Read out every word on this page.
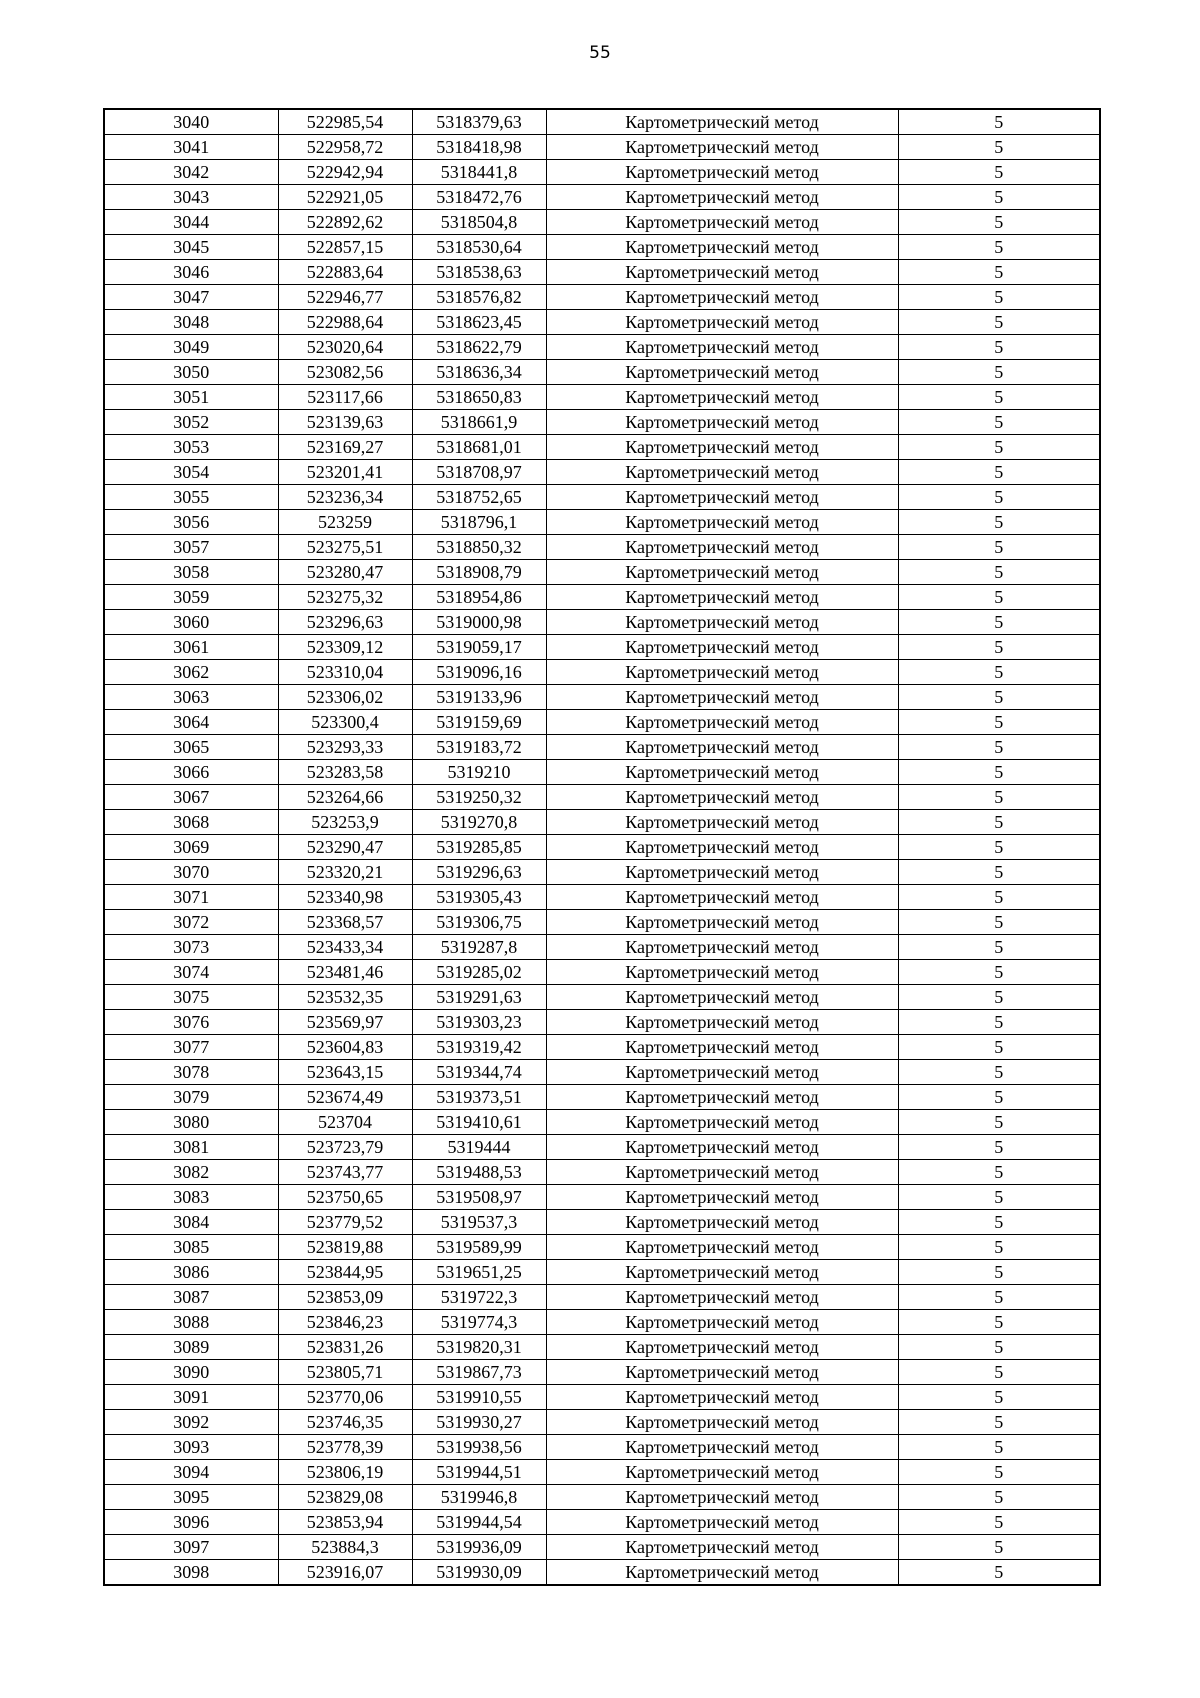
55
3040	522985,54	5318379,63	Картометрический метод	5
3041	522958,72	5318418,98	Картометрический метод	5
3042	522942,94	5318441,8	Картометрический метод	5
3043	522921,05	5318472,76	Картометрический метод	5
3044	522892,62	5318504,8	Картометрический метод	5
3045	522857,15	5318530,64	Картометрический метод	5
3046	522883,64	5318538,63	Картометрический метод	5
3047	522946,77	5318576,82	Картометрический метод	5
3048	522988,64	5318623,45	Картометрический метод	5
3049	523020,64	5318622,79	Картометрический метод	5
3050	523082,56	5318636,34	Картометрический метод	5
3051	523117,66	5318650,83	Картометрический метод	5
3052	523139,63	5318661,9	Картометрический метод	5
3053	523169,27	5318681,01	Картометрический метод	5
3054	523201,41	5318708,97	Картометрический метод	5
3055	523236,34	5318752,65	Картометрический метод	5
3056	523259	5318796,1	Картометрический метод	5
3057	523275,51	5318850,32	Картометрический метод	5
3058	523280,47	5318908,79	Картометрический метод	5
3059	523275,32	5318954,86	Картометрический метод	5
3060	523296,63	5319000,98	Картометрический метод	5
3061	523309,12	5319059,17	Картометрический метод	5
3062	523310,04	5319096,16	Картометрический метод	5
3063	523306,02	5319133,96	Картометрический метод	5
3064	523300,4	5319159,69	Картометрический метод	5
3065	523293,33	5319183,72	Картометрический метод	5
3066	523283,58	5319210	Картометрический метод	5
3067	523264,66	5319250,32	Картометрический метод	5
3068	523253,9	5319270,8	Картометрический метод	5
3069	523290,47	5319285,85	Картометрический метод	5
3070	523320,21	5319296,63	Картометрический метод	5
3071	523340,98	5319305,43	Картометрический метод	5
3072	523368,57	5319306,75	Картометрический метод	5
3073	523433,34	5319287,8	Картометрический метод	5
3074	523481,46	5319285,02	Картометрический метод	5
3075	523532,35	5319291,63	Картометрический метод	5
3076	523569,97	5319303,23	Картометрический метод	5
3077	523604,83	5319319,42	Картометрический метод	5
3078	523643,15	5319344,74	Картометрический метод	5
3079	523674,49	5319373,51	Картометрический метод	5
3080	523704	5319410,61	Картометрический метод	5
3081	523723,79	5319444	Картометрический метод	5
3082	523743,77	5319488,53	Картометрический метод	5
3083	523750,65	5319508,97	Картометрический метод	5
3084	523779,52	5319537,3	Картометрический метод	5
3085	523819,88	5319589,99	Картометрический метод	5
3086	523844,95	5319651,25	Картометрический метод	5
3087	523853,09	5319722,3	Картометрический метод	5
3088	523846,23	5319774,3	Картометрический метод	5
3089	523831,26	5319820,31	Картометрический метод	5
3090	523805,71	5319867,73	Картометрический метод	5
3091	523770,06	5319910,55	Картометрический метод	5
3092	523746,35	5319930,27	Картометрический метод	5
3093	523778,39	5319938,56	Картометрический метод	5
3094	523806,19	5319944,51	Картометрический метод	5
3095	523829,08	5319946,8	Картометрический метод	5
3096	523853,94	5319944,54	Картометрический метод	5
3097	523884,3	5319936,09	Картометрический метод	5
3098	523916,07	5319930,09	Картометрический метод	5
